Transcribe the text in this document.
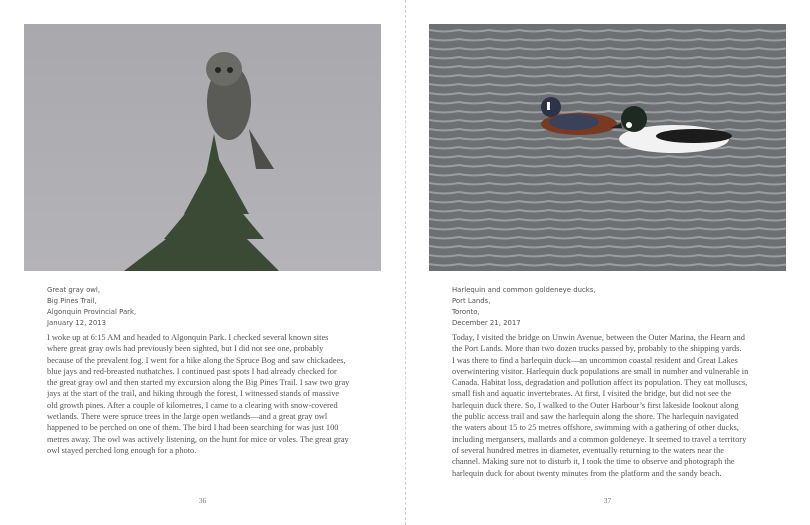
Great gray owl,
Big Pines Trail,
Algonquin Provincial Park,
January 12, 2013
I woke up at 6:15 AM and headed to Algonquin Park. I checked several known sites
where great gray owls had previously been sighted, but I did not see one, probably
because of the prevalent fog. I went for a hike along the Spruce Bog and saw chickadees,
blue jays and red-breasted nuthatches. I continued past spots I had already checked for
the great gray owl and then started my excursion along the Big Pines Trail. I saw two gray
jays at the start of the trail, and hiking through the forest, I witnessed stands of massive
old growth pines. After a couple of kilometres, I came to a clearing with snow-covered
wetlands. There were spruce trees in the large open wetlands—and a great gray owl
happened to be perched on one of them. The bird I had been searching for was just 100
metres away. The owl was actively listening, on the hunt for mice or voles. The great gray
owl stayed perched long enough for a photo.
36
Harlequin and common goldeneye ducks,
Port Lands,
Toronto,
December 21, 2017
Today, I visited the bridge on Unwin Avenue, between the Outer Marina, the Hearn and
the Port Lands. More than two dozen trucks passed by, probably to the shipping yards.
I was there to find a harlequin duck—an uncommon coastal resident and Great Lakes
overwintering visitor. Harlequin duck populations are small in number and vulnerable in
Canada. Habitat loss, degradation and pollution affect its population. They eat molluscs,
small fish and aquatic invertebrates. At first, I visited the bridge, but did not see the
harlequin duck there. So, I walked to the Outer Harbour’s first lakeside lookout along
the public access trail and saw the harlequin along the shore. The harlequin navigated
the waters about 15 to 25 metres offshore, swimming with a gathering of other ducks,
including mergansers, mallards and a common goldeneye. It seemed to travel a territory
of several hundred metres in diameter, eventually returning to the waters near the
channel. Making sure not to disturb it, I took the time to observe and photograph the
harlequin duck for about twenty minutes from the platform and the sandy beach.
37
